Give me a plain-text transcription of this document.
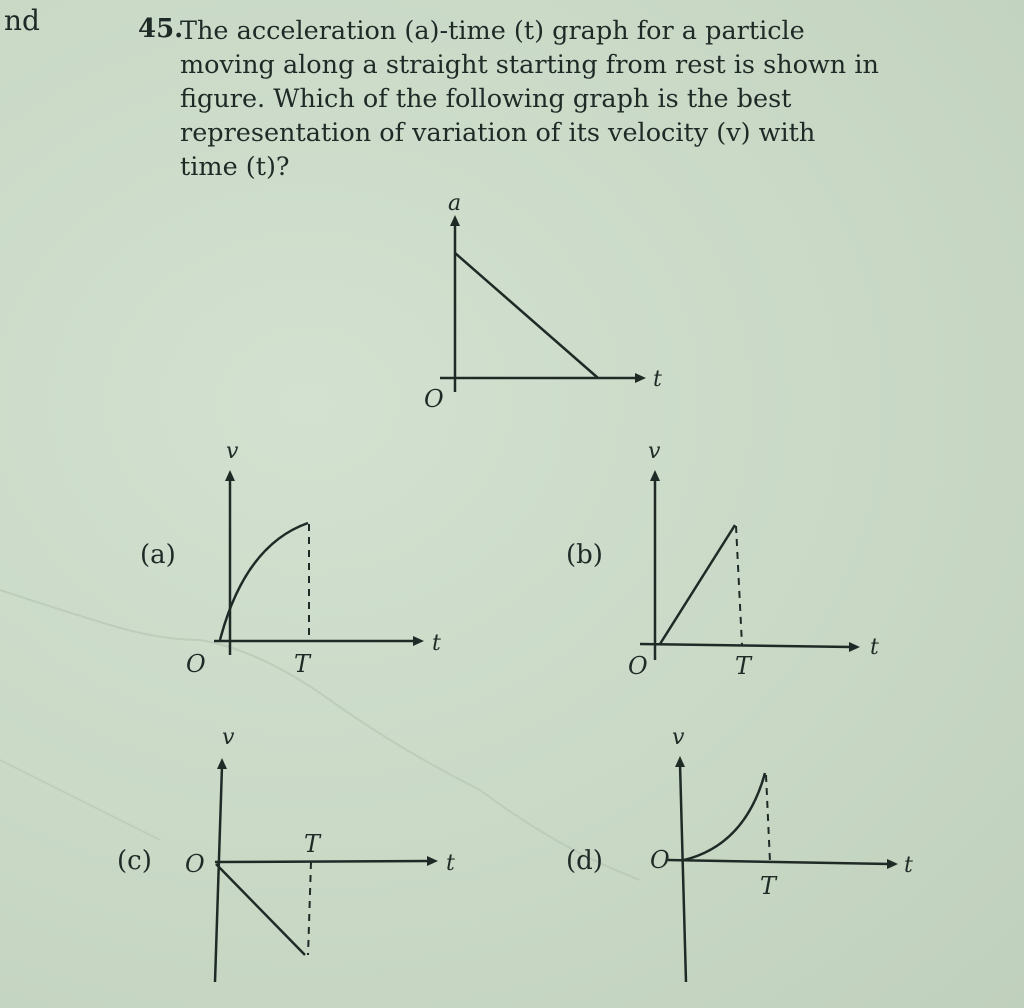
nd	45.

The acceleration (a)-time (t) graph for a particle

moving along a straight starting from rest is shown in

figure. Which of the following graph is the best

representation of variation of its velocity (v) with

time (t)?

a
t
O
(a)
v
t
O	T
(b)
v
t
O	T
(c)
v
t
O
T
(d)
v
t
O
T
